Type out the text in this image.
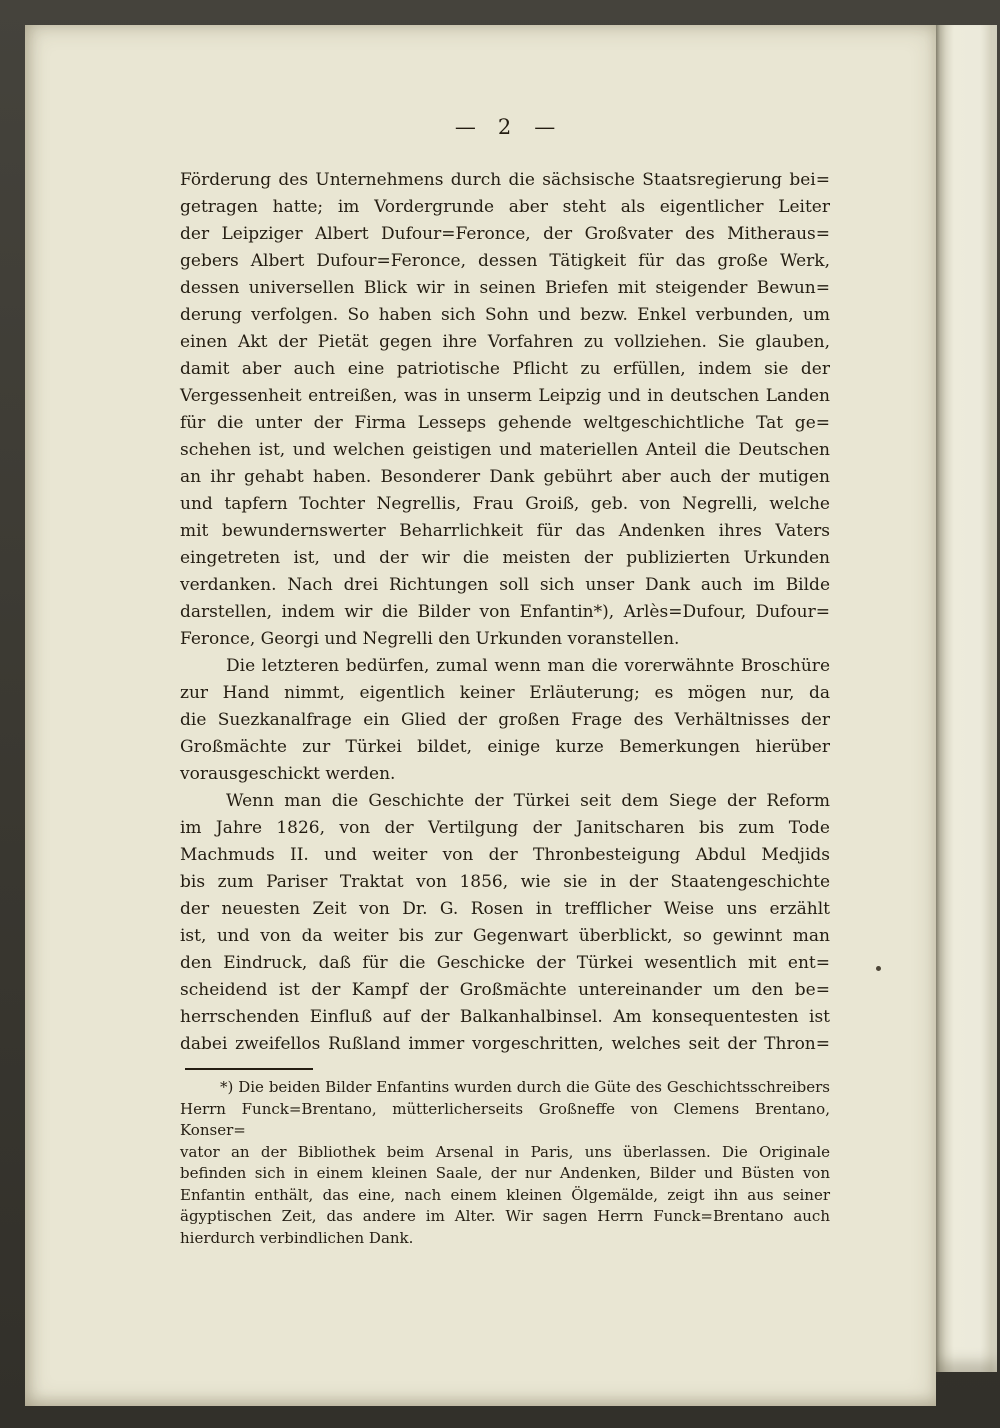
— 2 —
Förderung des Unternehmens durch die sächsische Staatsregierung bei=
getragen hatte; im Vordergrunde aber steht als eigentlicher Leiter
der Leipziger Albert Dufour=Feronce, der Großvater des Mitheraus=
gebers Albert Dufour=Feronce, dessen Tätigkeit für das große Werk,
dessen universellen Blick wir in seinen Briefen mit steigender Bewun=
derung verfolgen. So haben sich Sohn und bezw. Enkel verbunden, um
einen Akt der Pietät gegen ihre Vorfahren zu vollziehen. Sie glauben,
damit aber auch eine patriotische Pflicht zu erfüllen, indem sie der
Vergessenheit entreißen, was in unserm Leipzig und in deutschen Landen
für die unter der Firma Lesseps gehende weltgeschichtliche Tat ge=
schehen ist, und welchen geistigen und materiellen Anteil die Deutschen
an ihr gehabt haben. Besonderer Dank gebührt aber auch der mutigen
und tapfern Tochter Negrellis, Frau Groiß, geb. von Negrelli, welche
mit bewundernswerter Beharrlichkeit für das Andenken ihres Vaters
eingetreten ist, und der wir die meisten der publizierten Urkunden
verdanken. Nach drei Richtungen soll sich unser Dank auch im Bilde
darstellen, indem wir die Bilder von Enfantin*), Arlès=Dufour, Dufour=
Feronce, Georgi und Negrelli den Urkunden voranstellen.
Die letzteren bedürfen, zumal wenn man die vorerwähnte Broschüre
zur Hand nimmt, eigentlich keiner Erläuterung; es mögen nur, da
die Suezkanalfrage ein Glied der großen Frage des Verhältnisses der
Großmächte zur Türkei bildet, einige kurze Bemerkungen hierüber
vorausgeschickt werden.
Wenn man die Geschichte der Türkei seit dem Siege der Reform
im Jahre 1826, von der Vertilgung der Janitscharen bis zum Tode
Machmuds II. und weiter von der Thronbesteigung Abdul Medjids
bis zum Pariser Traktat von 1856, wie sie in der Staatengeschichte
der neuesten Zeit von Dr. G. Rosen in trefflicher Weise uns erzählt
ist, und von da weiter bis zur Gegenwart überblickt, so gewinnt man
den Eindruck, daß für die Geschicke der Türkei wesentlich mit ent=
scheidend ist der Kampf der Großmächte untereinander um den be=
herrschenden Einfluß auf der Balkanhalbinsel. Am konsequentesten ist
dabei zweifellos Rußland immer vorgeschritten, welches seit der Thron=
*) Die beiden Bilder Enfantins wurden durch die Güte des Geschichtsschreibers
Herrn Funck=Brentano, mütterlicherseits Großneffe von Clemens Brentano, Konser=
vator an der Bibliothek beim Arsenal in Paris, uns überlassen. Die Originale
befinden sich in einem kleinen Saale, der nur Andenken, Bilder und Büsten von
Enfantin enthält, das eine, nach einem kleinen Ölgemälde, zeigt ihn aus seiner
ägyptischen Zeit, das andere im Alter. Wir sagen Herrn Funck=Brentano auch
hierdurch verbindlichen Dank.
